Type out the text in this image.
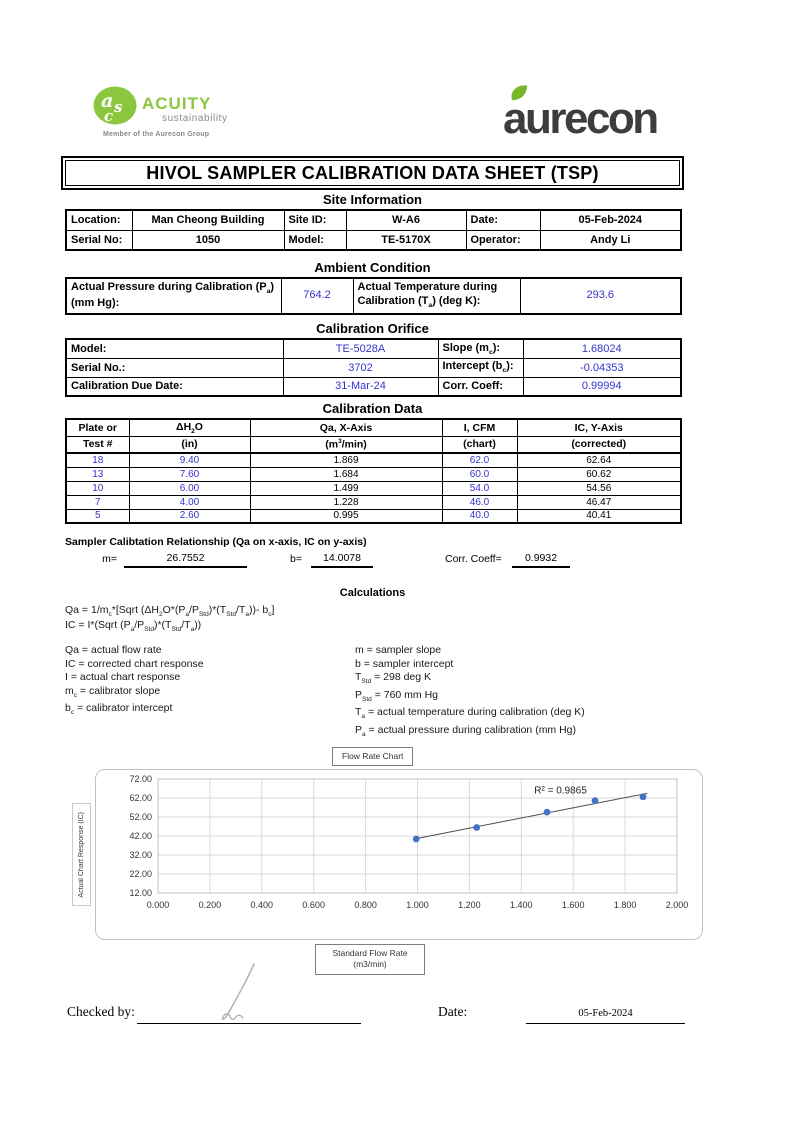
a s
c
ACUITY
sustainability
Member of the Aurecon Group	aurecon
HIVOL SAMPLER CALIBRATION DATA SHEET (TSP)
Site Information
Location:	Man Cheong Building	Site ID:	W-A6	Date:	05-Feb-2024
Serial No:	1050	Model:	TE-5170X	Operator:	Andy Li
Ambient Condition
Actual Pressure during Calibration $(P_a)$
(mm Hg):	764.2	Actual Temperature during
Calibration $(T_a)$ (deg K):	293.6
Calibration Orifice
Model:	TE-5028A	Slope $(m_c)$:	1.68024
Serial No.:	3702	Intercept $(b_c)$:	-0.04353
Calibration Due Date:	31-Mar-24	Corr. Coeff:	0.99994
Calibration Data
Plate or	$\Delta H_2O$	Qa, X-Axis	I, CFM	IC, Y-Axis
Test #	(in)	$(m^3/\min)$	(chart)	(corrected)
18	9.40	1.869	62.0	62.64
13	7.60	1.684	60.0	60.62
10	6.00	1.499	54.0	54.56
7	4.00	1.228	46.0	46.47
5	2.60	0.995	40.0	40.41
Sampler Calibtation Relationship (Qa on x-axis, IC on y-axis)
m=	26.7552	b=	14.0078	Corr. Coeff=	0.9932
Calculations
$Qa = 1/m_c*[Sqrt$ $(\Delta H_2O*(P_a/P_{Std})*(T_{Std}/T_a))-$ $b_c$]
IC = I*(Sqrt $(P_a/P_{Std})*(T_{Std}/T_a)$)
Qa = actual flow rate
IC = corrected chart response
I = actual chart response
$m_c$ = calibrator slope
$b_c$ = calibrator intercept
m = sampler slope
b = sampler intercept
$T_{Std} = 298$ deg K
$P_{Std} = 760$ mm Hg
$T_a$ = actual temperature during calibration (deg K)
$P_a$ = actual pressure during calibration (mm Hg)
Flow Rate Chart
0.000	0.200	0.400	0.600	0.800	1.000	1.200	1.400	1.600	1.800	2.000
12.00
22.00
32.00
42.00
52.00
62.00
72.00
R² = 0.9865
Actual Chart Response (IC)
Standard Flow Rate
(m3/min)
Checked by:	Date:	05-Feb-2024
